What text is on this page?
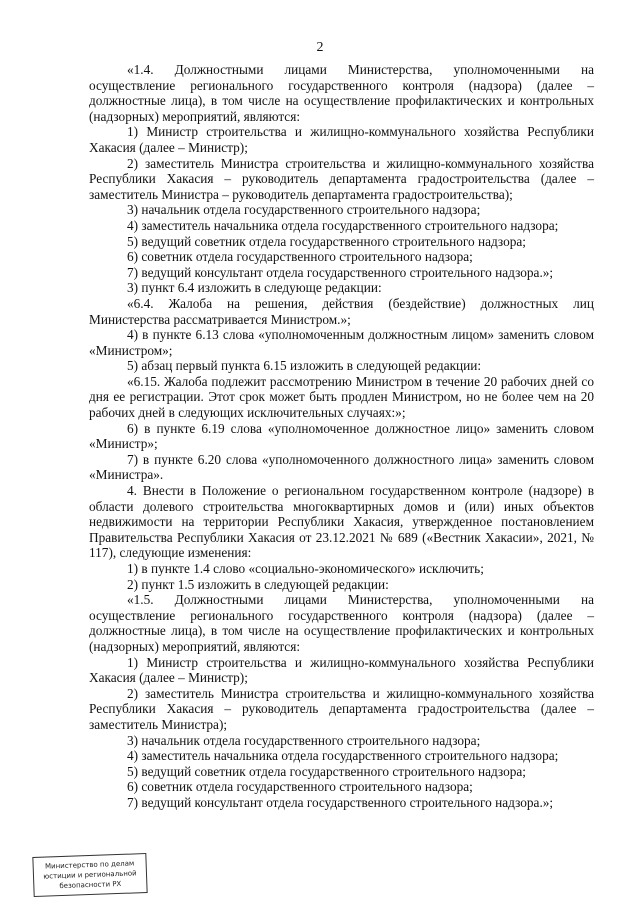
2

«1.4. Должностными лицами Министерства, уполномоченными на осуществление регионального государственного контроля (надзора) (далее – должностные лица), в том числе на осуществление профилактических и контрольных (надзорных) мероприятий, являются:

1) Министр строительства и жилищно-коммунального хозяйства Республики Хакасия (далее – Министр);

2) заместитель Министра строительства и жилищно-коммунального хозяйства Республики Хакасия – руководитель департамента градостроительства (далее – заместитель Министра – руководитель департамента градостроительства);

3) начальник отдела государственного строительного надзора;

4) заместитель начальника отдела государственного строительного надзора;

5) ведущий советник отдела государственного строительного надзора;

6) советник отдела государственного строительного надзора;

7) ведущий консультант отдела государственного строительного надзора.»;

3) пункт 6.4 изложить в следующе редакции:

«6.4. Жалоба на решения, действия (бездействие) должностных лиц Министерства рассматривается Министром.»;

4) в пункте 6.13 слова «уполномоченным должностным лицом» заменить словом «Министром»;

5) абзац первый пункта 6.15 изложить в следующей редакции:

«6.15. Жалоба подлежит рассмотрению Министром в течение 20 рабочих дней со дня ее регистрации. Этот срок может быть продлен Министром, но не более чем на 20 рабочих дней в следующих исключительных случаях:»;

6) в пункте 6.19 слова «уполномоченное должностное лицо» заменить словом «Министр»;

7) в пункте 6.20 слова «уполномоченного должностного лица» заменить словом «Министра».

4. Внести в Положение о региональном государственном контроле (надзоре) в области долевого строительства многоквартирных домов и (или) иных объектов недвижимости на территории Республики Хакасия, утвержденное постановлением Правительства Республики Хакасия от 23.12.2021 № 689 («Вестник Хакасии», 2021, № 117), следующие изменения:

1) в пункте 1.4 слово «социально-экономического» исключить;

2) пункт 1.5 изложить в следующей редакции:

«1.5. Должностными лицами Министерства, уполномоченными на осуществление регионального государственного контроля (надзора) (далее – должностные лица), в том числе на осуществление профилактических и контрольных (надзорных) мероприятий, являются:

1) Министр строительства и жилищно-коммунального хозяйства Республики Хакасия (далее – Министр);

2) заместитель Министра строительства и жилищно-коммунального хозяйства Республики Хакасия – руководитель департамента градостроительства (далее – заместитель Министра);

3) начальник отдела государственного строительного надзора;

4) заместитель начальника отдела государственного строительного надзора;

5) ведущий советник отдела государственного строительного надзора;

6) советник отдела государственного строительного надзора;

7) ведущий консультант отдела государственного строительного надзора.»;

Министерство по делам
юстиции и региональной
безопасности РХ
